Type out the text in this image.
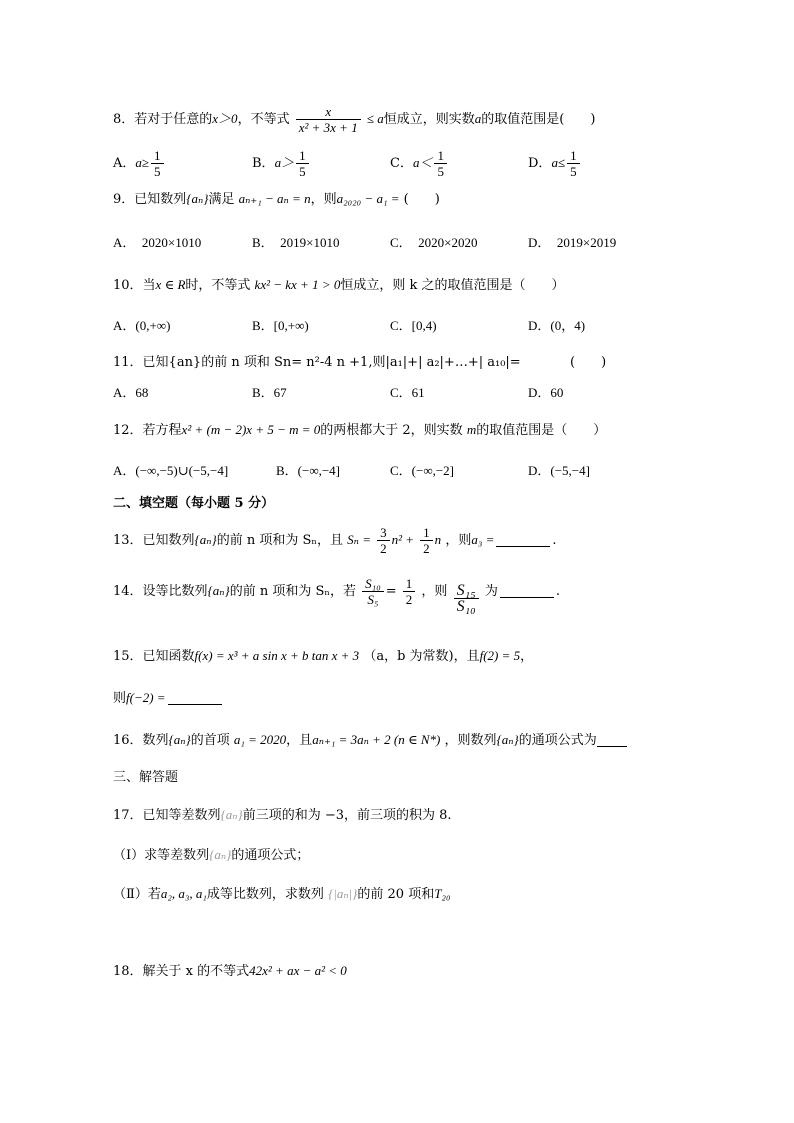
8．若对于任意的x＞0，不等式 $\frac{x}{\text{x² + 3x + 1}} \le a$恒成立，则实数a的取值范围是(　　)
A．$a\ge \frac{1}{5}$	B．$a> \frac{1}{5}$	C．$a< \frac{1}{5}$	D．$a\le \frac{1}{5}$
9．已知数列{aₙ}满足 aₙ₊₁ − aₙ = n，则a₂₀₂₀ − a₁ = (　　)
A．　2020×1010	B．　2019×1010	C．　2020×2020	D．　2019×2019
10．当x ∈ R时，不等式 kx² − kx + 1 > 0恒成立，则 k 之的取值范围是（　　）
A．(0,+∞)	B．[0,+∞)	C．[0,4)	D．(0，4)
11．已知{an}的前 n 项和 Sn= n²-4 n +1,则|a₁|+| a₂|+…+| a₁₀|=	(　　)
A．68	B．67	C．61	D．60
12．若方程x² + (m − 2)x + 5 − m = 0的两根都大于 2，则实数 m的取值范围是（　　）
A．(−∞,−5)∪(−5,−4]	B．(−∞,−4]	C．(−∞,−2]	D．(−5,−4]
二、填空题（每小题 5 分）
13．已知数列{aₙ}的前 n 项和为 Sₙ，且 $S_n = \frac{3}{2} n^2 + \frac{1}{2}$ n ，则a₃ =	.
14．设等比数列{aₙ}的前 n 项和为 Sₙ，若 $\frac{\text{S₁₀}}{\text{S₅}} = \frac{1}{2}$ ，则 $\frac{\text{S₁₅}}{\text{S₁₀}}$ 为	.
15．已知函数f(x) = x³ + a sin x + b tan x + 3 （a，b 为常数)，且f(2) = 5，
则f(−2) =
16．数列{aₙ}的首项 a₁ = 2020，且aₙ₊₁ = 3aₙ + 2 (n ∈ N*) ，则数列{aₙ}的通项公式为
三、解答题
17．已知等差数列{aₙ}前三项的和为 −3，前三项的积为 8.
（Ⅰ）求等差数列{aₙ}的通项公式；
（Ⅱ）若a₂, a₃, a₁成等比数列，求数列 {|aₙ|}的前 20 项和T₂₀
18．解关于 x 的不等式42x² + ax − a² < 0
